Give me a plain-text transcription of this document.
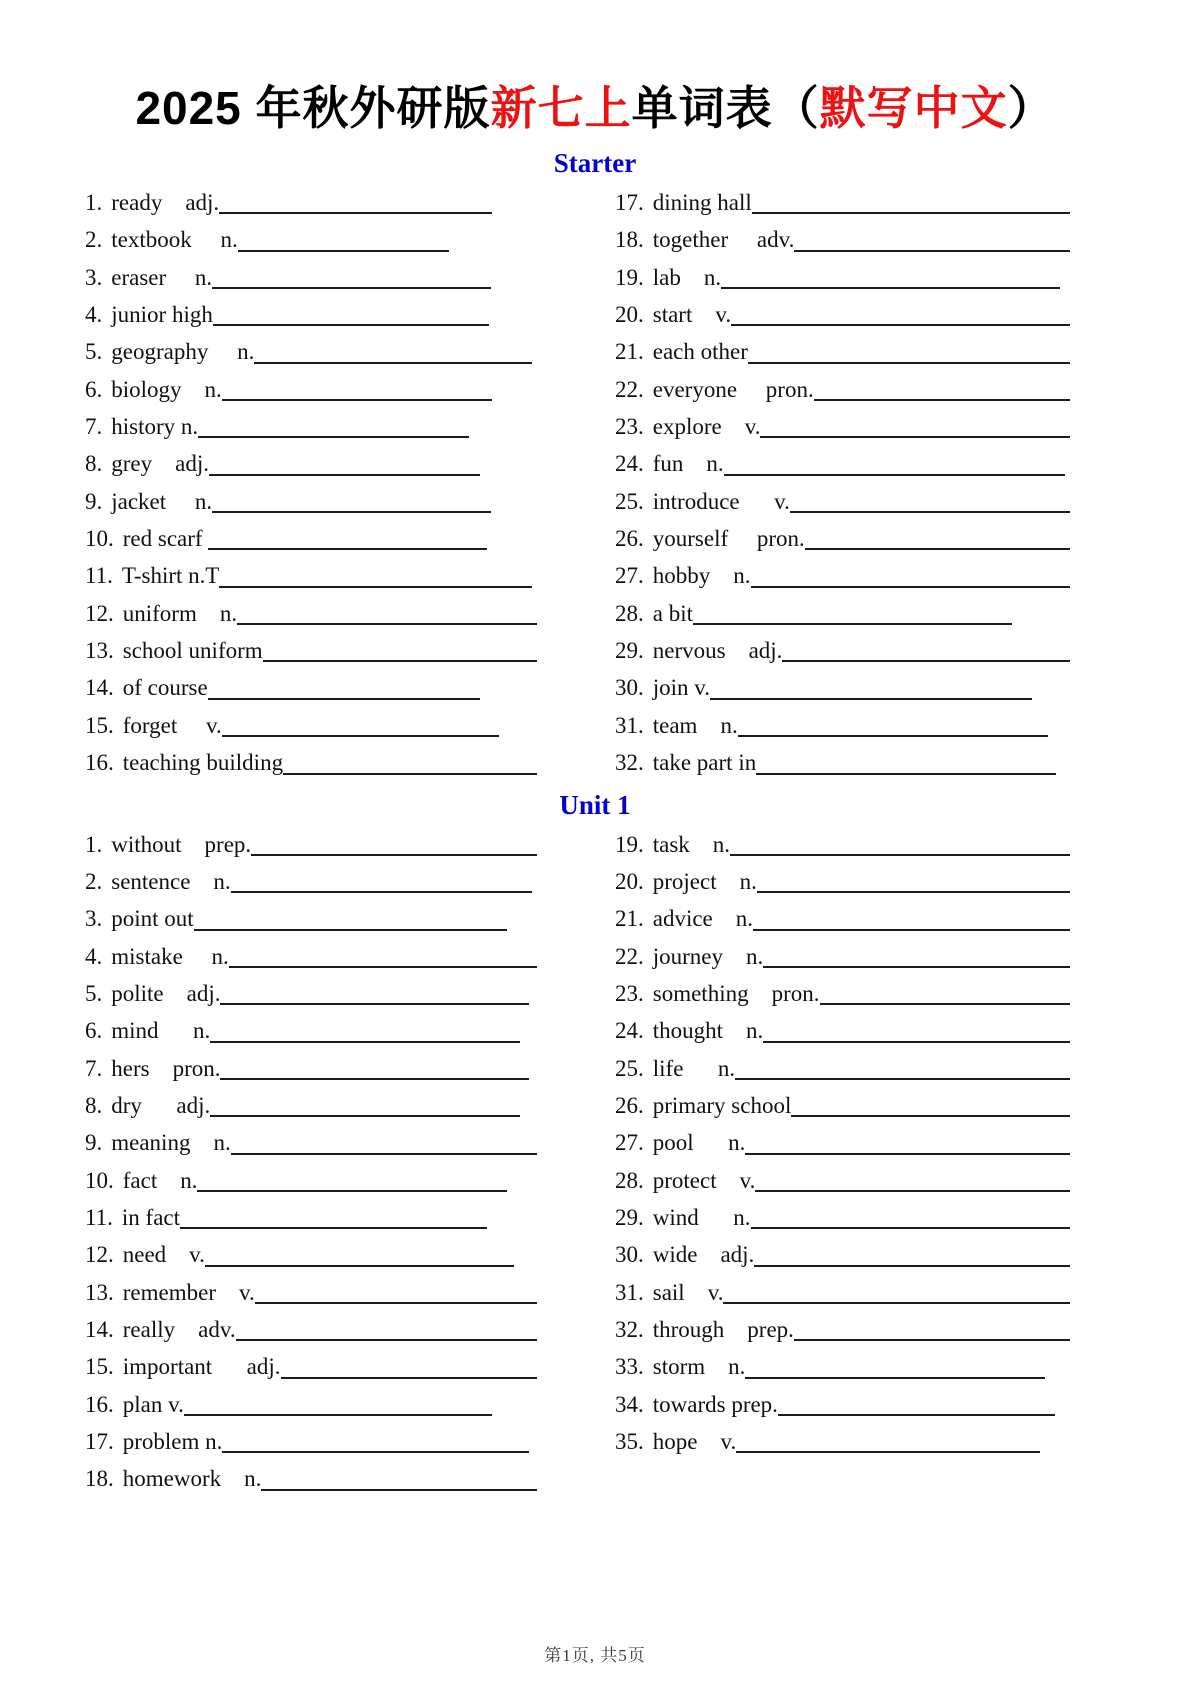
2025 年秋外研版新七上单词表（默写中文）
Starter
1. ready    adj.
2. textbook     n.
3. eraser     n.
4. junior high
5. geography     n.
6. biology    n.
7. history n.
8. grey    adj.
9. jacket     n.
10. red scarf
11. T-shirt n.T
12. uniform    n.
13. school uniform
14. of course
15. forget     v.
16. teaching building
17. dining hall
18. together     adv.
19. lab    n.
20. start    v.
21. each other
22. everyone     pron.
23. explore    v.
24. fun    n.
25. introduce      v.
26. yourself     pron.
27. hobby    n.
28. a bit
29. nervous    adj.
30. join v.
31. team    n.
32. take part in
Unit 1
1. without    prep.
2. sentence    n.
3. point out
4. mistake     n.
5. polite    adj.
6. mind      n.
7. hers    pron.
8. dry      adj.
9. meaning    n.
10. fact    n.
11. in fact
12. need    v.
13. remember    v.
14. really    adv.
15. important      adj.
16. plan v.
17. problem n.
18. homework    n.
19. task    n.
20. project    n.
21. advice    n.
22. journey    n.
23. something    pron.
24. thought    n.
25. life      n.
26. primary school
27. pool      n.
28. protect    v.
29. wind      n.
30. wide    adj.
31. sail    v.
32. through    prep.
33. storm    n.
34. towards prep.
35. hope    v.
第1页, 共5页
